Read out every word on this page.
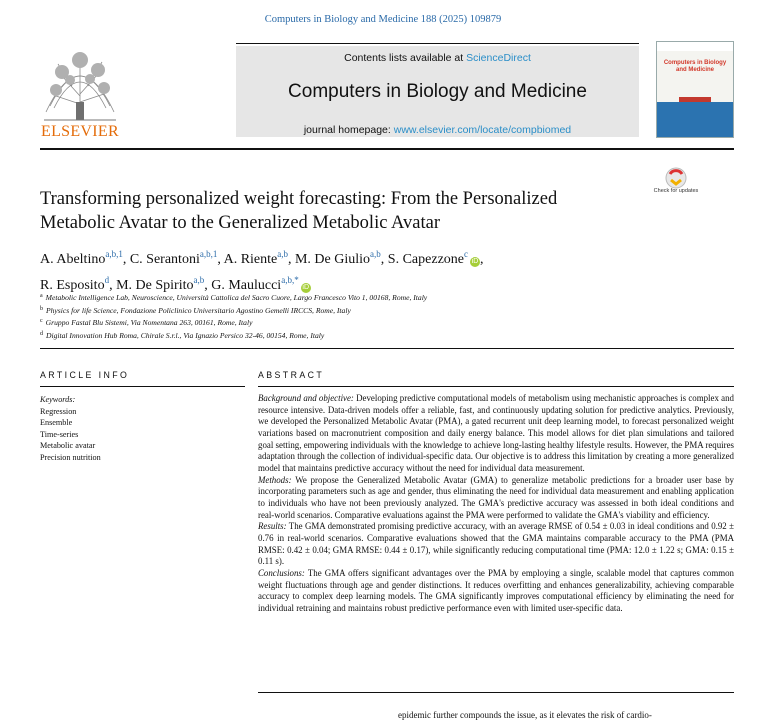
Computers in Biology and Medicine 188 (2025) 109879
ELSEVIER
Contents lists available at ScienceDirect
Computers in Biology and Medicine
journal homepage: www.elsevier.com/locate/compbiomed
Computers in Biology and Medicine
Check for updates
Transforming personalized weight forecasting: From the Personalized
Metabolic Avatar to the Generalized Metabolic Avatar
A. Abeltino$^{a,b,1}$, C. Serantoni$^{a,b,1}$, A. Riente$^{a,b}$, M. De Giulio$^{a,b}$, S. Capezzone$^c$iD ,
R. Esposito$^d$, M. De Spirito$^{a,b}$, G. Maulucci$^{a,b,*}$iD
$^a$ Metabolic Intelligence Lab, Neuroscience, Università Cattolica del Sacro Cuore, Largo Francesco Vito 1, 00168, Rome, Italy
$^b$ Physics for life Science, Fondazione Policlinico Universitario Agostino Gemelli IRCCS, Rome, Italy
$^c$ Gruppo Fastal Blu Sistemi, Via Nomentana 263, 00161, Rome, Italy
$^d$ Digital Innovation Hub Roma, Chirale S.r.l., Via Ignazio Persico 32-46, 00154, Rome, Italy
ARTICLE INFO	ABSTRACT
Keywords:
Regression
Ensemble
Time-series
Metabolic avatar
Precision nutrition

Background and objective: Developing predictive computational models of metabolism using mechanistic approaches is complex and resource intensive. Data-driven models offer a reliable, fast, and continuously updating solution for predictive analytics. Previously, we developed the Personalized Metabolic Avatar (PMA), a gated recurrent unit deep learning model, to forecast personalized weight variations based on macronutrient composition and daily energy balance. This model allows for diet plan simulations and tailored goal setting, empowering individuals with the knowledge to achieve long-lasting healthy lifestyle results. However, the PMA requires adaptation through the collection of individual-specific data. Our objective is to address this limitation by creating a more generalized model that maintains predictive accuracy without the need for individual data measurement.

Methods: We propose the Generalized Metabolic Avatar (GMA) to generalize metabolic predictions for a broader user base by incorporating parameters such as age and gender, thus eliminating the need for individual data measurement and enabling application to individuals who have not been previously analyzed. The GMA's predictive accuracy was assessed in both ideal conditions and real-world scenarios. Comparative evaluations against the PMA were performed to validate the GMA's viability and efficiency.

Results: The GMA demonstrated promising predictive accuracy, with an average RMSE of 0.54 ± 0.03 in ideal conditions and 0.92 ± 0.76 in real-world scenarios. Comparative evaluations showed that the GMA maintains comparable accuracy to the PMA (PMA RMSE: 0.42 ± 0.04; GMA RMSE: 0.44 ± 0.17), while significantly reducing computational time (PMA: 12.0 ± 1.22 s; GMA: 0.15 ± 0.11 s).

Conclusions: The GMA offers significant advantages over the PMA by employing a single, scalable model that captures common weight fluctuations through age and gender distinctions. It reduces overfitting and enhances generalizability, achieving comparable accuracy to complex deep learning models. The GMA significantly improves computational efficiency by eliminating the need for individual retraining and maintains robust predictive performance even with limited user-specific data.

epidemic further compounds the issue, as it elevates the risk of cardio-
